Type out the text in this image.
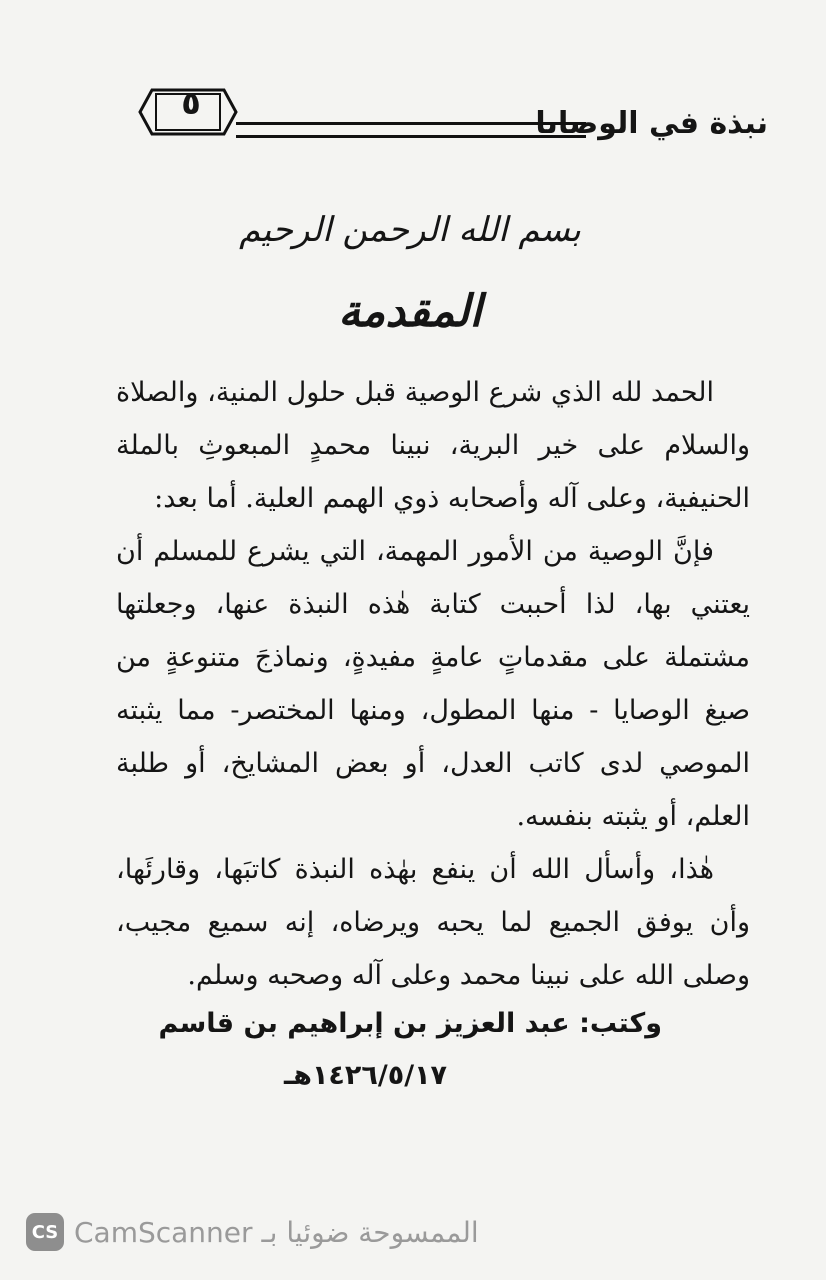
نبذة في الوصايا
٥
بسم الله الرحمن الرحيم
المقدمة

الحمد لله الذي شرع الوصية قبل حلول المنية، والصلاة والسلام على خير البرية، نبينا محمدٍ المبعوثِ بالملة الحنيفية، وعلى آله وأصحابه ذوي الهمم العلية. أما بعد:

فإنَّ الوصية من الأمور المهمة، التي يشرع للمسلم أن يعتني بها، لذا أحببت كتابة هٰذه النبذة عنها، وجعلتها مشتملة على مقدماتٍ عامةٍ مفيدةٍ، ونماذجَ متنوعةٍ من صيغ الوصايا - منها المطول، ومنها المختصر- مما يثبته الموصي لدى كاتب العدل، أو بعض المشايخ، أو طلبة العلم، أو يثبته بنفسه.

هٰذا، وأسأل الله أن ينفع بهٰذه النبذة كاتبَها، وقارئَها، وأن يوفق الجميع لما يحبه ويرضاه، إنه سميع مجيب، وصلى الله على نبينا محمد وعلى آله وصحبه وسلم.

وكتب: عبد العزيز بن إبراهيم بن قاسم
١٤٢٦/٥/١٧هـ
CS CamScanner الممسوحة ضوئيا بـ
